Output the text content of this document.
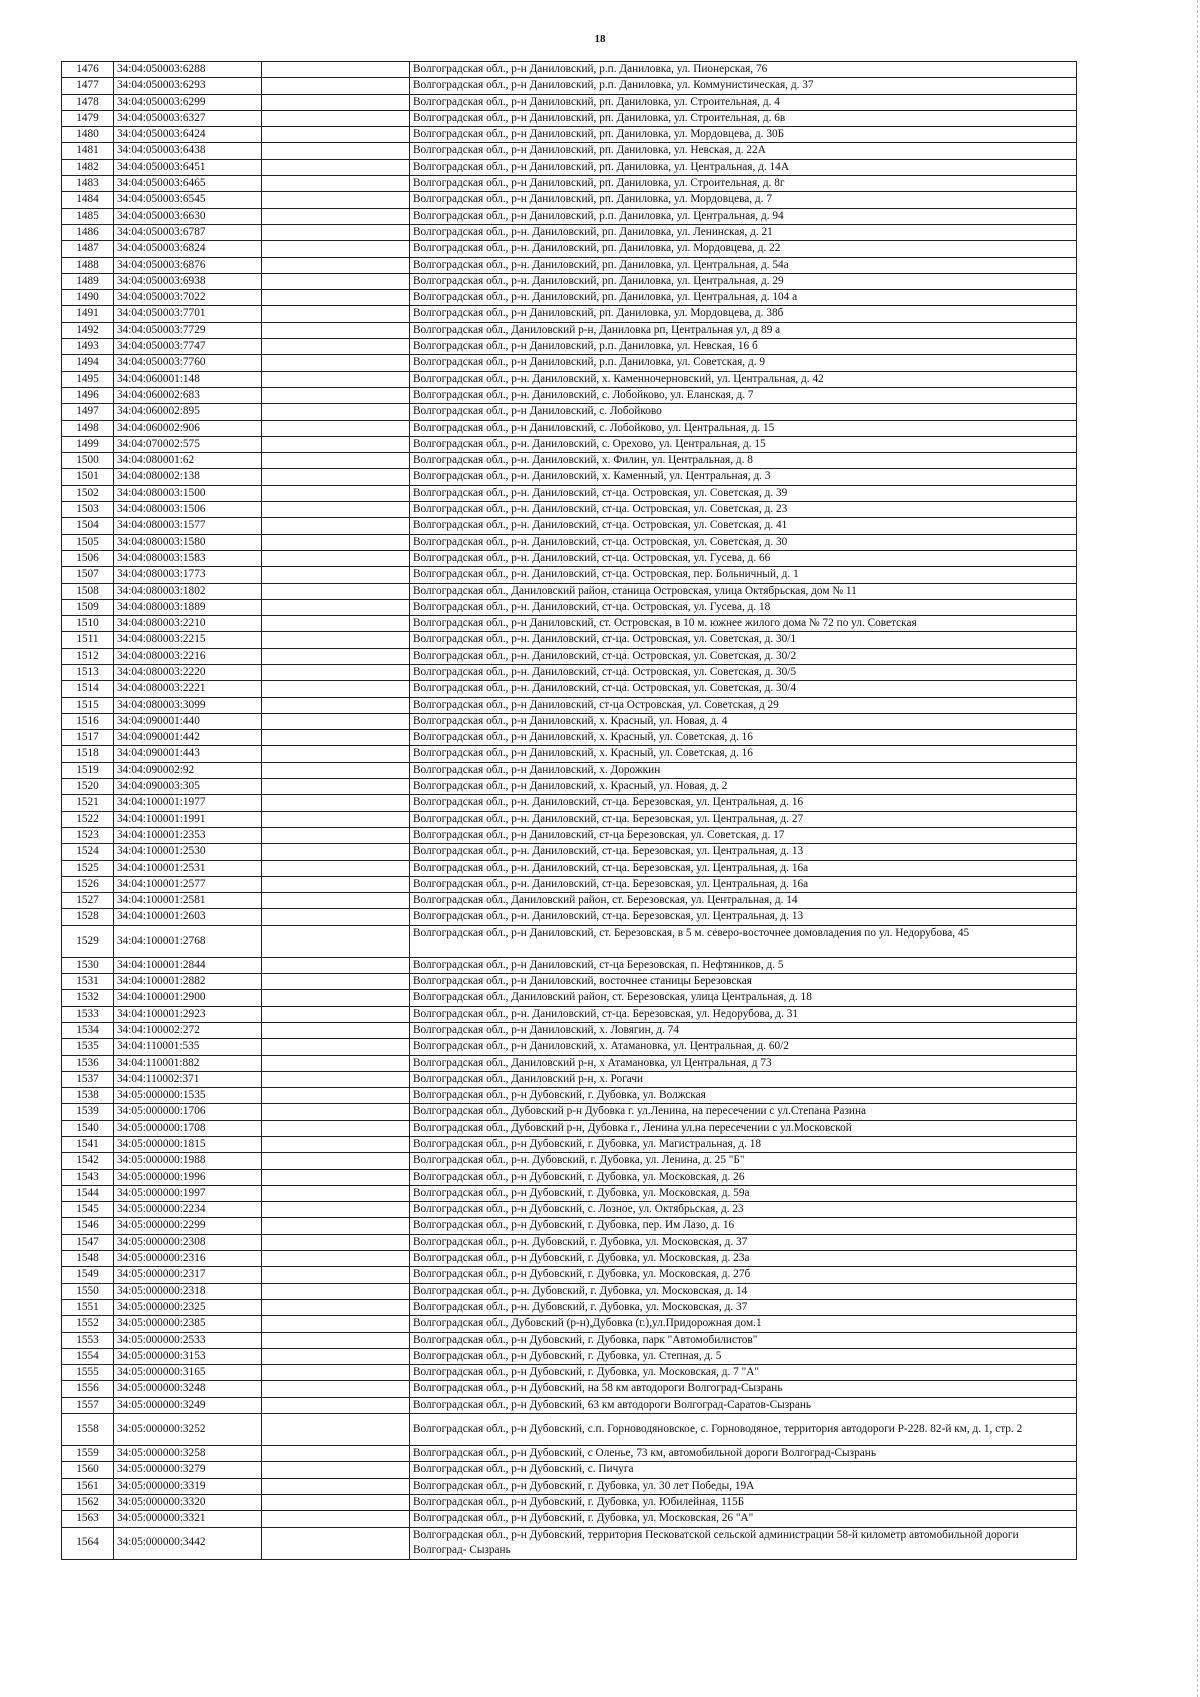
18
1476	34:04:050003:6288		Волгоградская обл., р-н Даниловский, р.п. Даниловка, ул. Пионерская, 76
1477	34:04:050003:6293		Волгоградская обл., р-н Даниловский, р.п. Даниловка, ул. Коммунистическая, д. 37
1478	34:04:050003:6299		Волгоградская обл., р-н Даниловский, рп. Даниловка, ул. Строительная, д. 4
1479	34:04:050003:6327		Волгоградская обл., р-н Даниловский, рп. Даниловка, ул. Строительная, д. 6в
1480	34:04:050003:6424		Волгоградская обл., р-н Даниловский, рп. Даниловка, ул. Мордовцева, д. 30Б
1481	34:04:050003:6438		Волгоградская обл., р-н Даниловский, рп. Даниловка, ул. Невская, д. 22А
1482	34:04:050003:6451		Волгоградская обл., р-н Даниловский, рп. Даниловка, ул. Центральная, д. 14А
1483	34:04:050003:6465		Волгоградская обл., р-н Даниловский, рп. Даниловка, ул. Строительная, д. 8г
1484	34:04:050003:6545		Волгоградская обл., р-н Даниловский, рп. Даниловка, ул. Мордовцева, д. 7
1485	34:04:050003:6630		Волгоградская обл., р-н Даниловский, р.п. Даниловка, ул. Центральная, д. 94
1486	34:04:050003:6787		Волгоградская обл., р-н. Даниловский, рп. Даниловка, ул. Ленинская, д. 21
1487	34:04:050003:6824		Волгоградская обл., р-н. Даниловский, рп. Даниловка, ул. Мордовцева, д. 22
1488	34:04:050003:6876		Волгоградская обл., р-н. Даниловский, рп. Даниловка, ул. Центральная, д. 54а
1489	34:04:050003:6938		Волгоградская обл., р-н. Даниловский, рп. Даниловка, ул. Центральная, д. 29
1490	34:04:050003:7022		Волгоградская обл., р-н. Даниловский, рп. Даниловка, ул. Центральная, д. 104 а
1491	34:04:050003:7701		Волгоградская обл., р-н Даниловский, рп. Даниловка, ул. Мордовцева, д. 38б
1492	34:04:050003:7729		Волгоградская обл., Даниловский р-н, Даниловка рп, Центральная ул, д 89 а
1493	34:04:050003:7747		Волгоградская обл., р-н Даниловский, р.п. Даниловка, ул. Невская, 16 б
1494	34:04:050003:7760		Волгоградская обл., р-н Даниловский, р.п. Даниловка, ул. Советская, д. 9
1495	34:04:060001:148		Волгоградская обл., р-н. Даниловский, х. Каменночерновский, ул. Центральная, д. 42
1496	34:04:060002:683		Волгоградская обл., р-н. Даниловский, с. Лобойково, ул. Еланская, д. 7
1497	34:04:060002:895		Волгоградская обл., р-н Даниловский, с. Лобойково
1498	34:04:060002:906		Волгоградская обл., р-н Даниловский, с. Лобойково, ул. Центральная, д. 15
1499	34:04:070002:575		Волгоградская обл., р-н. Даниловский, с. Орехово, ул. Центральная, д. 15
1500	34:04:080001:62		Волгоградская обл., р-н. Даниловский, х. Филин, ул. Центральная, д. 8
1501	34:04:080002:138		Волгоградская обл., р-н. Даниловский, х. Каменный, ул. Центральная, д. 3
1502	34:04:080003:1500		Волгоградская обл., р-н. Даниловский, ст-ца. Островская, ул. Советская, д. 39
1503	34:04:080003:1506		Волгоградская обл., р-н. Даниловский, ст-ца. Островская, ул. Советская, д. 23
1504	34:04:080003:1577		Волгоградская обл., р-н. Даниловский, ст-ца. Островская, ул. Советская, д. 41
1505	34:04:080003:1580		Волгоградская обл., р-н. Даниловский, ст-ца. Островская, ул. Советская, д. 30
1506	34:04:080003:1583		Волгоградская обл., р-н. Даниловский, ст-ца. Островская, ул. Гусева, д. 66
1507	34:04:080003:1773		Волгоградская обл., р-н. Даниловский, ст-ца. Островская, пер. Больничный, д. 1
1508	34:04:080003:1802		Волгоградская обл., Даниловский район, станица Островская, улица Октябрьская, дом № 11
1509	34:04:080003:1889		Волгоградская обл., р-н. Даниловский, ст-ца. Островская, ул. Гусева, д. 18
1510	34:04:080003:2210		Волгоградская обл., р-н Даниловский, ст. Островская, в 10 м. южнее жилого дома № 72 по ул. Советская
1511	34:04:080003:2215		Волгоградская обл., р-н. Даниловский, ст-ца. Островская, ул. Советская, д. 30/1
1512	34:04:080003:2216		Волгоградская обл., р-н. Даниловский, ст-ца. Островская, ул. Советская, д. 30/2
1513	34:04:080003:2220		Волгоградская обл., р-н. Даниловский, ст-ца. Островская, ул. Советская, д. 30/5
1514	34:04:080003:2221		Волгоградская обл., р-н. Даниловский, ст-ца. Островская, ул. Советская, д. 30/4
1515	34:04:080003:3099		Волгоградская обл., р-н Даниловский, ст-ца Островская, ул. Советская, д 29
1516	34:04:090001:440		Волгоградская обл., р-н Даниловский, х. Красный, ул. Новая, д. 4
1517	34:04:090001:442		Волгоградская обл., р-н Даниловский, х. Красный, ул. Советская, д. 16
1518	34:04:090001:443		Волгоградская обл., р-н Даниловский, х. Красный, ул. Советская, д. 16
1519	34:04:090002:92		Волгоградская обл., р-н Даниловский, х. Дорожкин
1520	34:04:090003:305		Волгоградская обл., р-н Даниловский, х. Красный, ул. Новая, д. 2
1521	34:04:100001:1977		Волгоградская обл., р-н. Даниловский, ст-ца. Березовская, ул. Центральная, д. 16
1522	34:04:100001:1991		Волгоградская обл., р-н. Даниловский, ст-ца. Березовская, ул. Центральная, д. 27
1523	34:04:100001:2353		Волгоградская обл., р-н Даниловский, ст-ца Березовская, ул. Советская, д. 17
1524	34:04:100001:2530		Волгоградская обл., р-н. Даниловский, ст-ца. Березовская, ул. Центральная, д. 13
1525	34:04:100001:2531		Волгоградская обл., р-н. Даниловский, ст-ца. Березовская, ул. Центральная, д. 16а
1526	34:04:100001:2577		Волгоградская обл., р-н. Даниловский, ст-ца. Березовская, ул. Центральная, д. 16а
1527	34:04:100001:2581		Волгоградская обл., Даниловский район, ст. Березовская, ул. Центральная, д. 14
1528	34:04:100001:2603		Волгоградская обл., р-н. Даниловский, ст-ца. Березовская, ул. Центральная, д. 13
1529	34:04:100001:2768		Волгоградская обл., р-н Даниловский, ст. Березовская, в 5 м. северо-восточнее домовладения по ул. Недорубова, 45
1530	34:04:100001:2844		Волгоградская обл., р-н Даниловский, ст-ца Березовская, п. Нефтяников, д. 5
1531	34:04:100001:2882		Волгоградская обл., р-н Даниловский, восточнее станицы Березовская
1532	34:04:100001:2900		Волгоградская обл., Даниловский район, ст. Березовская, улица Центральная, д. 18
1533	34:04:100001:2923		Волгоградская обл., р-н. Даниловский, ст-ца. Березовская, ул. Недорубова, д. 31
1534	34:04:100002:272		Волгоградская обл., р-н Даниловский, х. Ловягин, д. 74
1535	34:04:110001:535		Волгоградская обл., р-н Даниловский, х. Атамановка, ул. Центральная, д. 60/2
1536	34:04:110001:882		Волгоградская обл., Даниловский р-н, х Атамановка, ул Центральная, д 73
1537	34:04:110002:371		Волгоградская обл., Даниловский р-н, х. Рогачи
1538	34:05:000000:1535		Волгоградская обл., р-н Дубовский, г. Дубовка, ул. Волжская
1539	34:05:000000:1706		Волгоградская обл., Дубовский р-н Дубовка г. ул.Ленина, на пересечении с ул.Степана Разина
1540	34:05:000000:1708		Волгоградская обл., Дубовский р-н, Дубовка г., Ленина ул.на пересечении с ул.Московской
1541	34:05:000000:1815		Волгоградская обл., р-н Дубовский, г. Дубовка, ул. Магистральная, д. 18
1542	34:05:000000:1988		Волгоградская обл., р-н. Дубовский, г. Дубовка, ул. Ленина, д. 25 "Б"
1543	34:05:000000:1996		Волгоградская обл., р-н Дубовский, г. Дубовка, ул. Московская, д. 26
1544	34:05:000000:1997		Волгоградская обл., р-н Дубовский, г. Дубовка, ул. Московская, д. 59а
1545	34:05:000000:2234		Волгоградская обл., р-н Дубовский, с. Лозное, ул. Октябрьская, д. 23
1546	34:05:000000:2299		Волгоградская обл., р-н Дубовский, г. Дубовка, пер. Им Лазо, д. 16
1547	34:05:000000:2308		Волгоградская обл., р-н. Дубовский, г. Дубовка, ул. Московская, д. 37
1548	34:05:000000:2316		Волгоградская обл., р-н Дубовский, г. Дубовка, ул. Московская, д. 23а
1549	34:05:000000:2317		Волгоградская обл., р-н Дубовский, г. Дубовка, ул. Московская, д. 27б
1550	34:05:000000:2318		Волгоградская обл., р-н. Дубовский, г. Дубовка, ул. Московская, д. 14
1551	34:05:000000:2325		Волгоградская обл., р-н. Дубовский, г. Дубовка, ул. Московская, д. 37
1552	34:05:000000:2385		Волгоградская обл., Дубовский (р-н),Дубовка (г.),ул.Придорожная дом.1
1553	34:05:000000:2533		Волгоградская обл., р-н Дубовский, г. Дубовка, парк "Автомобилистов"
1554	34:05:000000:3153		Волгоградская обл., р-н Дубовский, г. Дубовка, ул. Степная, д. 5
1555	34:05:000000:3165		Волгоградская обл., р-н Дубовский, г. Дубовка, ул. Московская, д. 7 "А"
1556	34:05:000000:3248		Волгоградская обл., р-н Дубовский, на 58 км автодороги Волгоград-Сызрань
1557	34:05:000000:3249		Волгоградская обл., р-н Дубовский, 63 км автодороги Волгоград-Саратов-Сызрань
1558	34:05:000000:3252		Волгоградская обл., р-н Дубовский, с.п. Горноводяновское, с. Горноводяное, территория автодороги Р-228. 82-й км, д. 1, стр. 2
1559	34:05:000000:3258		Волгоградская обл., р-н Дубовский, с Оленье, 73 км, автомобильной дороги Волгоград-Сызрань
1560	34:05:000000:3279		Волгоградская обл., р-н Дубовский, с. Пичуга
1561	34:05:000000:3319		Волгоградская обл., р-н Дубовский, г. Дубовка, ул. 30 лет Победы, 19А
1562	34:05:000000:3320		Волгоградская обл., р-н Дубовский, г. Дубовка, ул. Юбилейная, 115Б
1563	34:05:000000:3321		Волгоградская обл., р-н Дубовский, г. Дубовка, ул. Московская, 26 "А"
1564	34:05:000000:3442		Волгоградская обл., р-н Дубовский, территория Песковатской сельской администрации 58-й километр автомобильной дороги Волгоград- Сызрань
